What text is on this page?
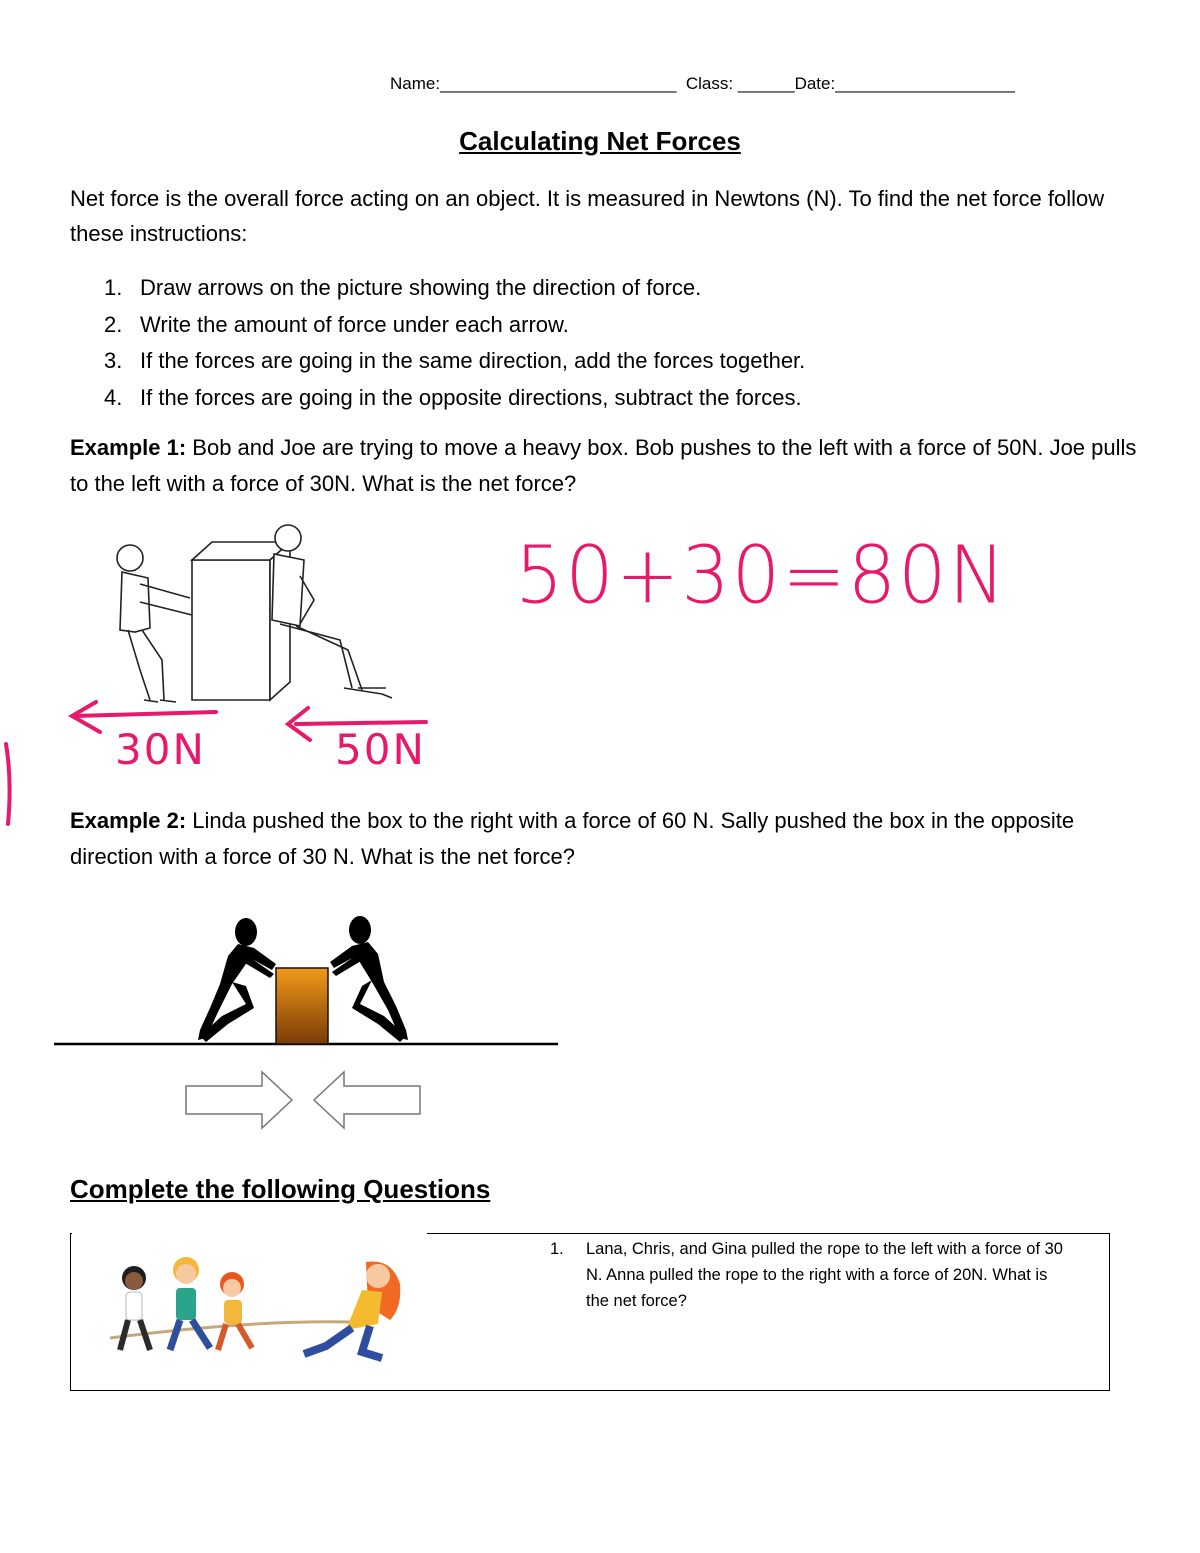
Name:_________________________  Class: ______Date:___________________
Calculating Net Forces
Net force is the overall force acting on an object. It is measured in Newtons (N). To find the net force follow these instructions:
1. Draw arrows on the picture showing the direction of force.
2. Write the amount of force under each arrow.
3. If the forces are going in the same direction, add the forces together.
4. If the forces are going in the opposite directions, subtract the forces.
Example 1: Bob and Joe are trying to move a heavy box. Bob pushes to the left with a force of 50N. Joe pulls to the left with a force of 30N. What is the net force?
30N	50N
50+30=80N
Example 2: Linda pushed the box to the right with a force of 60 N. Sally pushed the box in the opposite direction with a force of 30 N. What is the net force?
Complete the following Questions
1. Lana, Chris, and Gina pulled the rope to the left with a force of 30 N. Anna pulled the rope to the right with a force of 20N. What is the net force?
